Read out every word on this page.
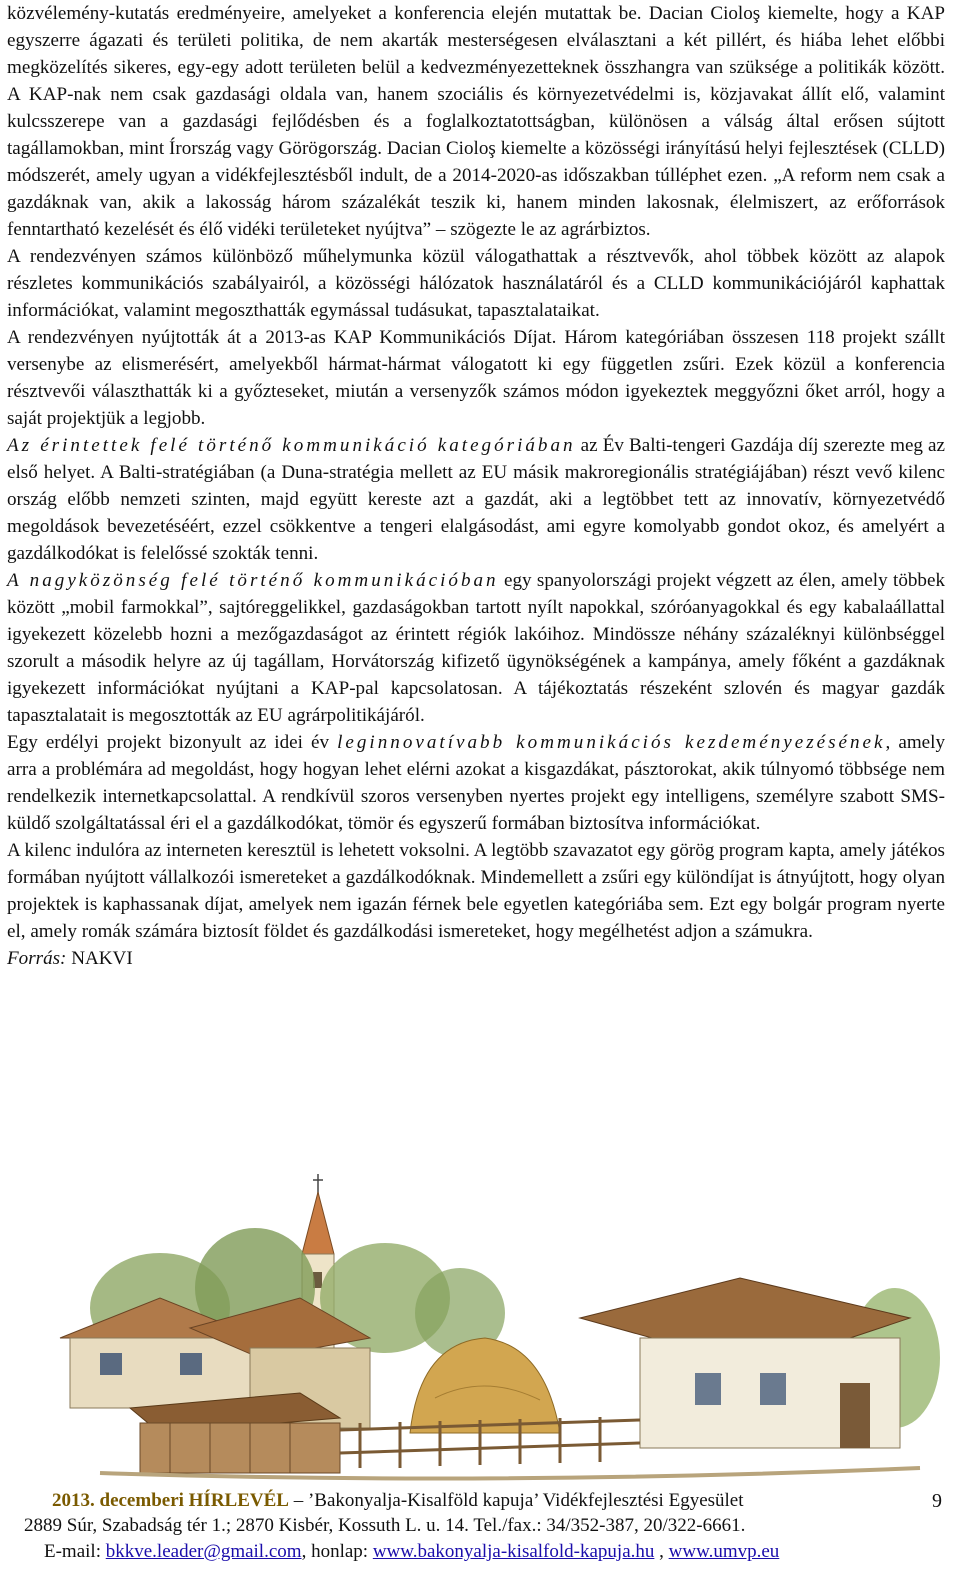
közvélemény-kutatás eredményeire, amelyeket a konferencia elején mutattak be. Dacian Cioloş kiemelte, hogy a KAP egyszerre ágazati és területi politika, de nem akarták mesterségesen elválasztani a két pillért, és hiába lehet előbbi megközelítés sikeres, egy-egy adott területen belül a kedvezményezetteknek összhangra van szüksége a politikák között. A KAP-nak nem csak gazdasági oldala van, hanem szociális és környezetvédelmi is, közjavakat állít elő, valamint kulcsszerepe van a gazdasági fejlődésben és a foglalkoztatottságban, különösen a válság által erősen sújtott tagállamokban, mint Írország vagy Görögország. Dacian Cioloş kiemelte a közösségi irányítású helyi fejlesztések (CLLD) módszerét, amely ugyan a vidékfejlesztésből indult, de a 2014-2020-as időszakban túlléphet ezen. „A reform nem csak a gazdáknak van, akik a lakosság három százalékát teszik ki, hanem minden lakosnak, élelmiszert, az erőforrások fenntartható kezelését és élő vidéki területeket nyújtva” – szögezte le az agrárbiztos.

A rendezvényen számos különböző műhelymunka közül válogathattak a résztvevők, ahol többek között az alapok részletes kommunikációs szabályairól, a közösségi hálózatok használatáról és a CLLD kommunikációjáról kaphattak információkat, valamint megoszthatták egymással tudásukat, tapasztalataikat.

A rendezvényen nyújtották át a 2013-as KAP Kommunikációs Díjat. Három kategóriában összesen 118 projekt szállt versenybe az elismerésért, amelyekből hármat-hármat válogatott ki egy független zsűri. Ezek közül a konferencia résztvevői választhatták ki a győzteseket, miután a versenyzők számos módon igyekeztek meggyőzni őket arról, hogy a saját projektjük a legjobb.

Az érintettek felé történő kommunikáció kategóriában az Év Balti-tengeri Gazdája díj szerezte meg az első helyet. A Balti-stratégiában (a Duna-stratégia mellett az EU másik makroregionális stratégiájában) részt vevő kilenc ország előbb nemzeti szinten, majd együtt kereste azt a gazdát, aki a legtöbbet tett az innovatív, környezetvédő megoldások bevezetéséért, ezzel csökkentve a tengeri elalgásodást, ami egyre komolyabb gondot okoz, és amelyért a gazdálkodókat is felelőssé szokták tenni.

A nagyközönség felé történő kommunikációban egy spanyolországi projekt végzett az élen, amely többek között „mobil farmokkal”, sajtóreggelikkel, gazdaságokban tartott nyílt napokkal, szóróanyagokkal és egy kabalaállattal igyekezett közelebb hozni a mezőgazdaságot az érintett régiók lakóihoz. Mindössze néhány százaléknyi különbséggel szorult a második helyre az új tagállam, Horvátország kifizető ügynökségének a kampánya, amely főként a gazdáknak igyekezett információkat nyújtani a KAP-pal kapcsolatosan. A tájékoztatás részeként szlovén és magyar gazdák tapasztalatait is megosztották az EU agrárpolitikájáról.

Egy erdélyi projekt bizonyult az idei év leginnovatívabb kommunikációs kezdeményezésének, amely arra a problémára ad megoldást, hogy hogyan lehet elérni azokat a kisgazdákat, pásztorokat, akik túlnyomó többsége nem rendelkezik internetkapcsolattal. A rendkívül szoros versenyben nyertes projekt egy intelligens, személyre szabott SMS-küldő szolgáltatással éri el a gazdálkodókat, tömör és egyszerű formában biztosítva információkat.

A kilenc indulóra az interneten keresztül is lehetett voksolni. A legtöbb szavazatot egy görög program kapta, amely játékos formában nyújtott vállalkozói ismereteket a gazdálkodóknak. Mindemellett a zsűri egy különdíjat is átnyújtott, hogy olyan projektek is kaphassanak díjat, amelyek nem igazán férnek bele egyetlen kategóriába sem. Ezt egy bolgár program nyerte el, amely romák számára biztosít földet és gazdálkodási ismereteket, hogy megélhetést adjon a számukra.

Forrás: NAKVI

2013. decemberi HÍRLEVÉL – ’Bakonyalja-Kisalföld kapuja’ Vidékfejlesztési Egyesület	9
2889 Súr, Szabadság tér 1.; 2870 Kisbér, Kossuth L. u. 14. Tel./fax.: 34/352-387, 20/322-6661.
E-mail: bkkve.leader@gmail.com, honlap: www.bakonyalja-kisalfold-kapuja.hu , www.umvp.eu
